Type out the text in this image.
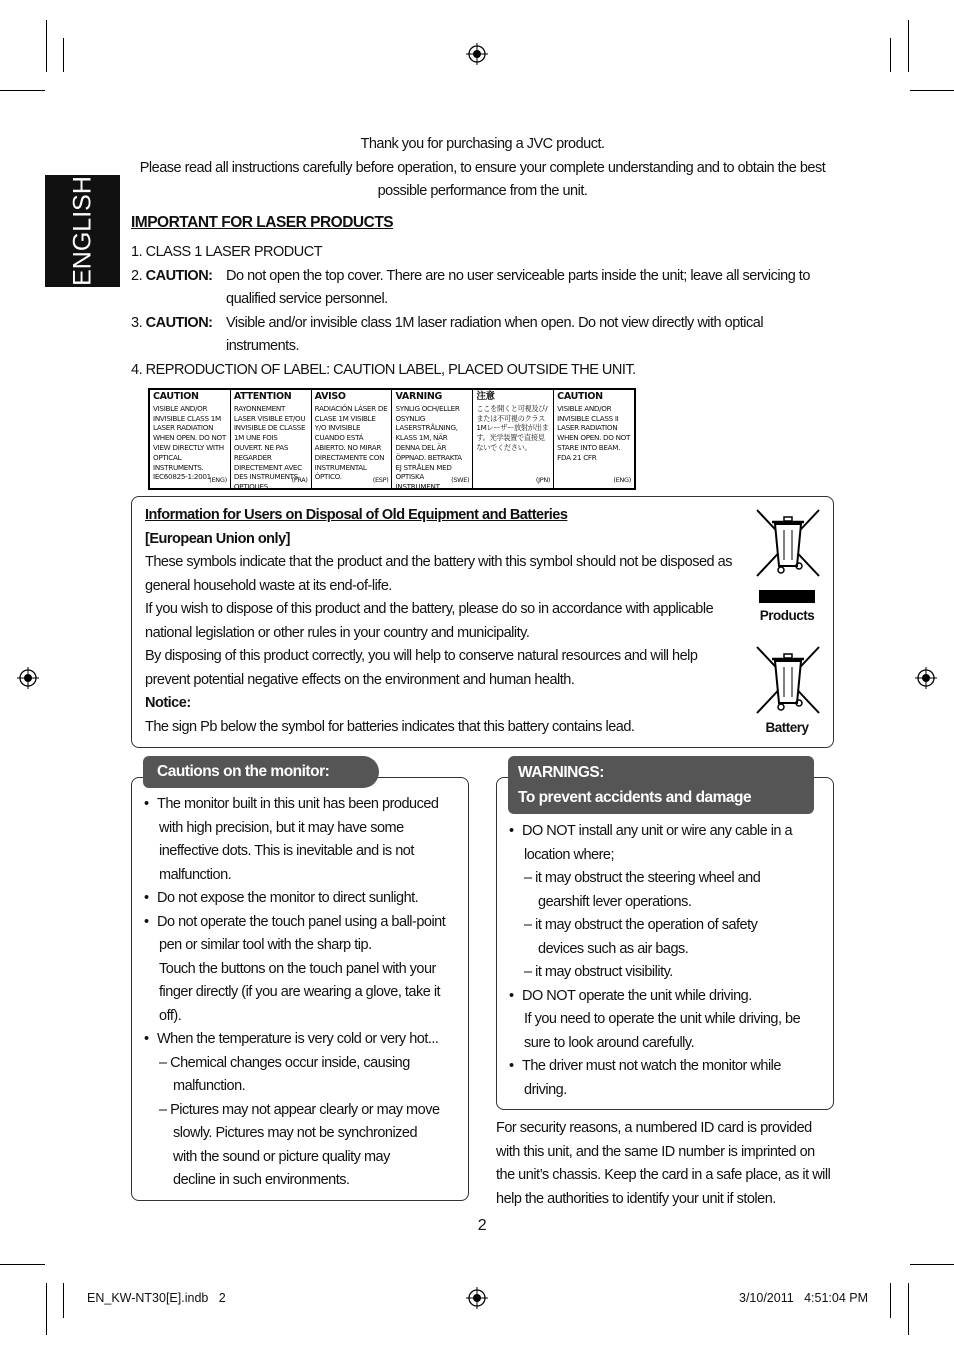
ENGLISH
Thank you for purchasing a JVC product.
Please read all instructions carefully before operation, to ensure your complete understanding and to obtain the best
possible performance from the unit.
IMPORTANT FOR LASER PRODUCTS
1. CLASS 1 LASER PRODUCT
2. CAUTION: Do not open the top cover. There are no user serviceable parts inside the unit; leave all servicing to
qualified service personnel.
3. CAUTION: Visible and/or invisible class 1M laser radiation when open. Do not view directly with optical
instruments.
4. REPRODUCTION OF LABEL: CAUTION LABEL, PLACED OUTSIDE THE UNIT.
CAUTION
VISIBLE AND/OR INVISIBLE CLASS 1M LASER RADIATION WHEN OPEN. DO NOT VIEW DIRECTLY WITH OPTICAL INSTRUMENTS. IEC60825-1:2001
(ENG)
ATTENTION
RAYONNEMENT LASER VISIBLE ET/OU INVISIBLE DE CLASSE 1M UNE FOIS OUVERT. NE PAS REGARDER DIRECTEMENT AVEC DES INSTRUMENTS OPTIQUES.
(FRA)
AVISO
RADIACIÓN LÁSER DE CLASE 1M VISIBLE Y/O INVISIBLE CUANDO ESTÁ ABIERTO. NO MIRAR DIRECTAMENTE CON INSTRUMENTAL ÓPTICO.	(ESP)
VARNING
SYNLIG OCH/ELLER OSYNLIG LASERSTRÅLNING, KLASS 1M, NÄR DENNA DEL ÄR ÖPPNAD. BETRAKTA EJ STRÅLEN MED OPTISKA INSTRUMENT.
(SWE)
注意
ここを開くと可視及び/または不可視のクラス1Mレーザー放射が出ます。光学装置で直接見ないでください。
(JPN)
CAUTION
VISIBLE AND/OR INVISIBLE CLASS II LASER RADIATION WHEN OPEN. DO NOT STARE INTO BEAM. FDA 21 CFR
(ENG)
Information for Users on Disposal of Old Equipment and Batteries
[European Union only]
These symbols indicate that the product and the battery with this symbol should not be disposed as
general household waste at its end-of-life.
If you wish to dispose of this product and the battery, please do so in accordance with applicable
national legislation or other rules in your country and municipality.
By disposing of this product correctly, you will help to conserve natural resources and will help
prevent potential negative effects on the environment and human health.
Notice:
The sign Pb below the symbol for batteries indicates that this battery contains lead.
Products
Battery
Cautions on the monitor:
• The monitor built in this unit has been produced
with high precision, but it may have some
ineffective dots. This is inevitable and is not
malfunction.
• Do not expose the monitor to direct sunlight.
• Do not operate the touch panel using a ball-point
pen or similar tool with the sharp tip.
Touch the buttons on the touch panel with your
finger directly (if you are wearing a glove, take it
off).
• When the temperature is very cold or very hot...
– Chemical changes occur inside, causing
malfunction.
– Pictures may not appear clearly or may move
slowly. Pictures may not be synchronized
with the sound or picture quality may
decline in such environments.
WARNINGS:
To prevent accidents and damage
• DO NOT install any unit or wire any cable in a
location where;
– it may obstruct the steering wheel and
gearshift lever operations.
– it may obstruct the operation of safety
devices such as air bags.
– it may obstruct visibility.
• DO NOT operate the unit while driving.
If you need to operate the unit while driving, be
sure to look around carefully.
• The driver must not watch the monitor while
driving.
For security reasons, a numbered ID card is provided
with this unit, and the same ID number is imprinted on
the unit’s chassis. Keep the card in a safe place, as it will
help the authorities to identify your unit if stolen.
2
EN_KW-NT30[E].indb   2	3/10/2011   4:51:04 PM
